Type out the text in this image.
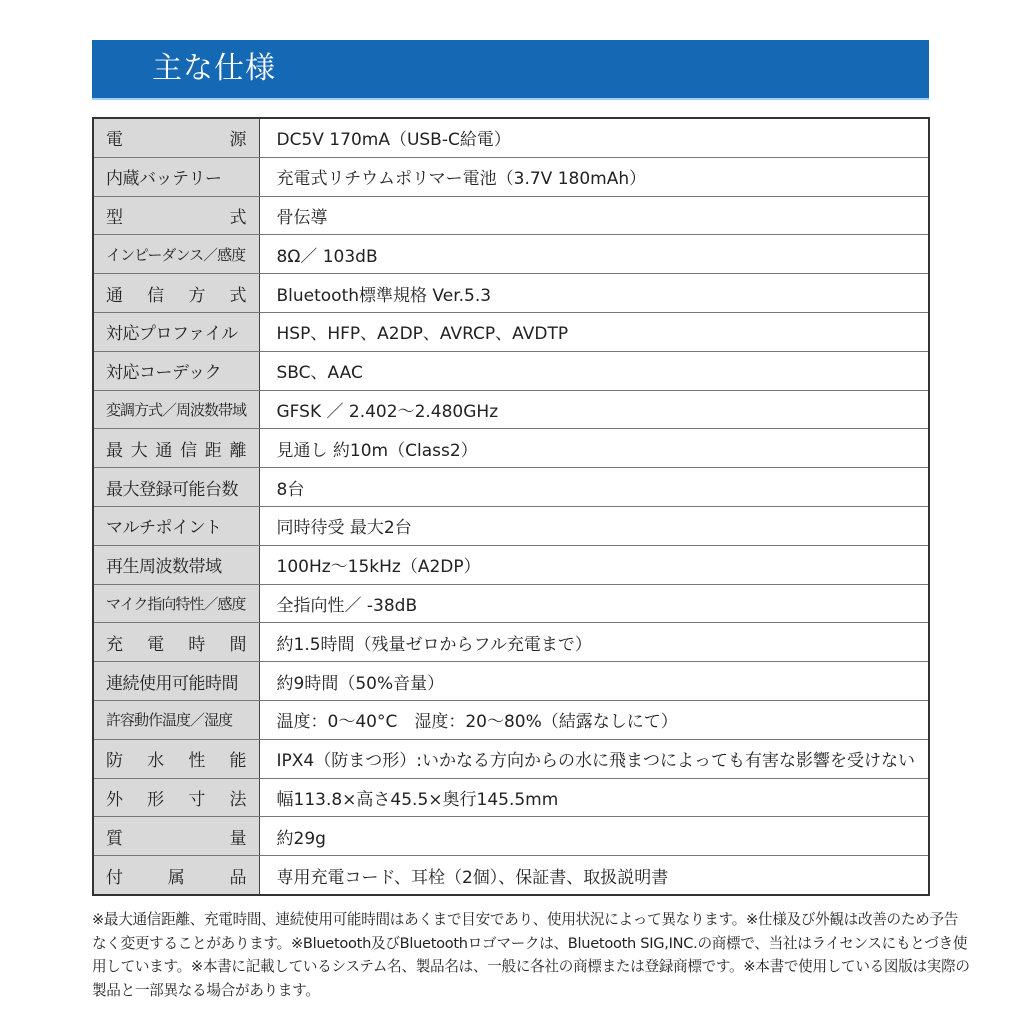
主な仕様
電 源	DC5V 170mA（USB-C給電）

内蔵バッテリー	充電式リチウムポリマー電池（3.7V 180mAh）

型 式	骨伝導

インピーダンス／感度	8Ω／ 103dB

通 信 方 式	Bluetooth標準規格 Ver.5.3

対応プロファイル	HSP、HFP、A2DP、AVRCP、AVDTP

対応コーデック	SBC、AAC

変調方式／周波数帯域	GFSK ／ 2.402～2.480GHz

最 大 通 信 距 離	見通し 約10m（Class2）

最大登録可能台数	8台

マルチポイント	同時待受 最大2台

再生周波数帯域	100Hz～15kHz（A2DP）

マイク指向特性／感度	全指向性／ -38dB

充 電 時 間	約1.5時間（残量ゼロからフル充電まで）

連続使用可能時間	約9時間（50%音量）

許容動作温度／湿度	温度：0～40°C　湿度：20～80%（結露なしにて）

防 水 性 能	IPX4（防まつ形）:いかなる方向からの水に飛まつによっても有害な影響を受けない

外 形 寸 法	幅113.8×高さ45.5×奥行145.5mm

質 量	約29g

付 属 品	専用充電コード、耳栓（2個）、保証書、取扱説明書

※最大通信距離、充電時間、連続使用可能時間はあくまで目安であり、使用状況によって異なります。※仕様及び外観は改善のため予告なく変更することがあります。※Bluetooth及びBluetoothロゴマークは、Bluetooth SIG,INC.の商標で、当社はライセンスにもとづき使用しています。※本書に記載しているシステム名、製品名は、一般に各社の商標または登録商標です。※本書で使用している図版は実際の製品と一部異なる場合があります。
